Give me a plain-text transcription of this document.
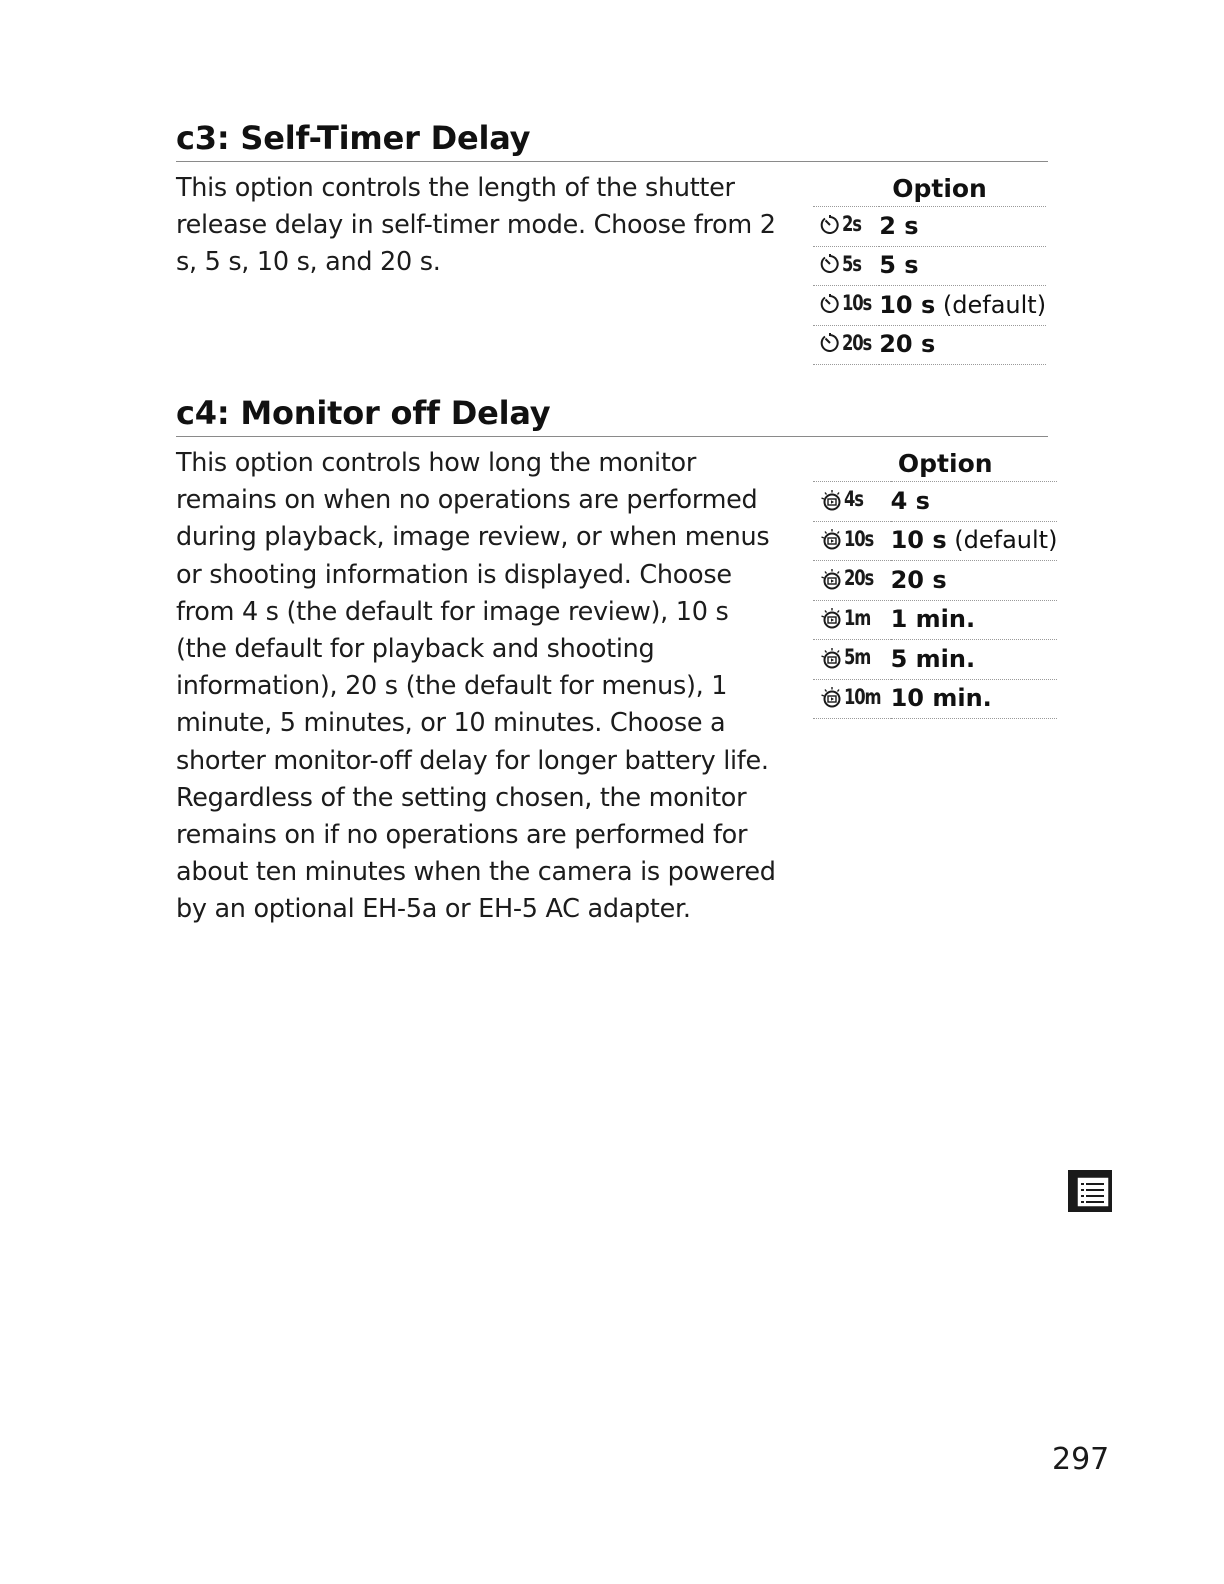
c3: Self-Timer Delay

This option controls the length of the shutter release delay in self-timer mode. Choose from 2 s, 5 s, 10 s, and 20 s.

Option	

2s	2 s

5s	5 s

10s	10 s (default)

20s	20 s
c4: Monitor off Delay

This option controls how long the monitor remains on when no operations are performed during playback, image review, or when menus or shooting information is displayed. Choose from 4 s (the default for image review), 10 s (the default for playback and shooting information), 20 s (the default for menus), 1 minute, 5 minutes, or 10 minutes. Choose a shorter monitor-off delay for longer battery life. Regardless of the setting chosen, the monitor remains on if no operations are performed for about ten minutes when the camera is powered by an optional EH-5a or EH-5 AC adapter.

Option	

4s	4 s

10s	10 s (default)

20s	20 s

1m	1 min.

5m	5 min.

10m	10 min.

297
